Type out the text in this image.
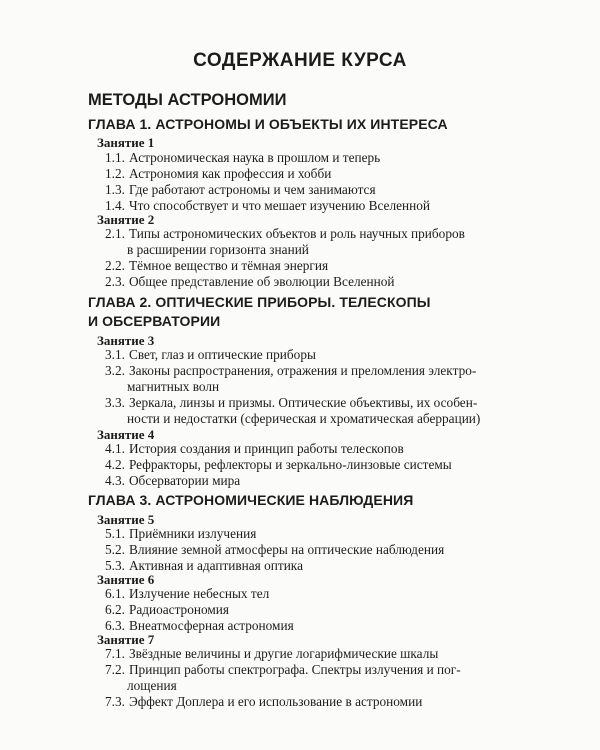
СОДЕРЖАНИЕ КУРСА
МЕТОДЫ АСТРОНОМИИ
ГЛАВА 1. АСТРОНОМЫ И ОБЪЕКТЫ ИХ ИНТЕРЕСА
Занятие 1
1.1. Астрономическая наука в прошлом и теперь
1.2. Астрономия как профессия и хобби
1.3. Где работают астрономы и чем занимаются
1.4. Что способствует и что мешает изучению Вселенной
Занятие 2
2.1. Типы астрономических объектов и роль научных приборов
в расширении горизонта знаний
2.2. Тёмное вещество и тёмная энергия
2.3. Общее представление об эволюции Вселенной
ГЛАВА 2. ОПТИЧЕСКИЕ ПРИБОРЫ. ТЕЛЕСКОПЫ
И ОБСЕРВАТОРИИ
Занятие 3
3.1. Свет, глаз и оптические приборы
3.2. Законы распространения, отражения и преломления электро-
магнитных волн
3.3. Зеркала, линзы и призмы. Оптические объективы, их особен-
ности и недостатки (сферическая и хроматическая аберрации)
Занятие 4
4.1. История создания и принцип работы телескопов
4.2. Рефракторы, рефлекторы и зеркально-линзовые системы
4.3. Обсерватории мира
ГЛАВА 3. АСТРОНОМИЧЕСКИЕ НАБЛЮДЕНИЯ
Занятие 5
5.1. Приёмники излучения
5.2. Влияние земной атмосферы на оптические наблюдения
5.3. Активная и адаптивная оптика
Занятие 6
6.1. Излучение небесных тел
6.2. Радиоастрономия
6.3. Внеатмосферная астрономия
Занятие 7
7.1. Звёздные величины и другие логарифмические шкалы
7.2. Принцип работы спектрографа. Спектры излучения и пог-
лощения
7.3. Эффект Доплера и его использование в астрономии
